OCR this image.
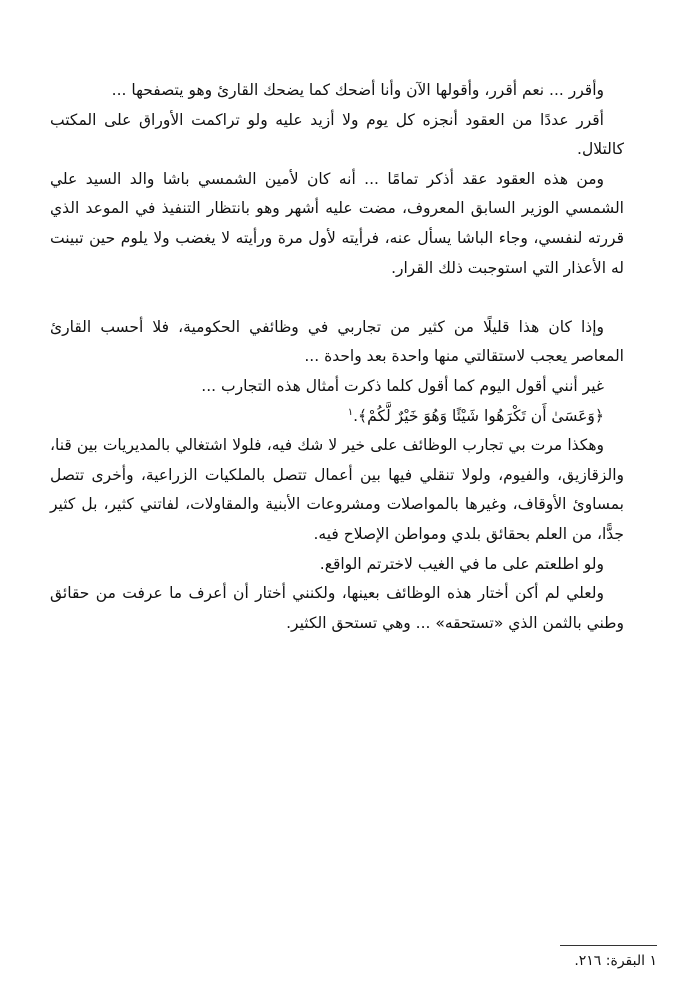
وأقرر ... نعم أقرر، وأقولها الآن وأنا أضحك كما يضحك القارئ وهو يتصفحها ...

أقرر عددًا من العقود أنجزه كل يوم ولا أزيد عليه ولو تراكمت الأوراق على المكتب كالتلال.

ومن هذه العقود عقد أذكر تمامًا ... أنه كان لأمين الشمسي باشا والد السيد علي الشمسي الوزير السابق المعروف، مضت عليه أشهر وهو بانتظار التنفيذ في الموعد الذي قررته لنفسي، وجاء الباشا يسأل عنه، فرأيته لأول مرة ورأيته لا يغضب ولا يلوم حين تبينت له الأعذار التي استوجبت ذلك القرار.

وإذا كان هذا قليلًا من كثير من تجاربي في وظائفي الحكومية، فلا أحسب القارئ المعاصر يعجب لاستقالتي منها واحدة بعد واحدة ...

غير أنني أقول اليوم كما أقول كلما ذكرت أمثال هذه التجارب ...

﴿وَعَسَىٰ أَن تَكْرَهُوا شَيْئًا وَهُوَ خَيْرٌ لَّكُمْ﴾.$^١$

وهكذا مرت بي تجارب الوظائف على خير لا شك فيه، فلولا اشتغالي بالمديريات بين قنا، والزقازيق، والفيوم، ولولا تنقلي فيها بين أعمال تتصل بالملكيات الزراعية، وأخرى تتصل بمساوئ الأوقاف، وغيرها بالمواصلات ومشروعات الأبنية والمقاولات، لفاتني كثير، بل كثير جدًّا، من العلم بحقائق بلدي ومواطن الإصلاح فيه.

ولو اطلعتم على ما في الغيب لاخترتم الواقع.

ولعلي لم أكن أختار هذه الوظائف بعينها، ولكنني أختار أن أعرف ما عرفت من حقائق وطني بالثمن الذي «تستحقه» ... وهي تستحق الكثير.

١ البقرة: ٢١٦.
